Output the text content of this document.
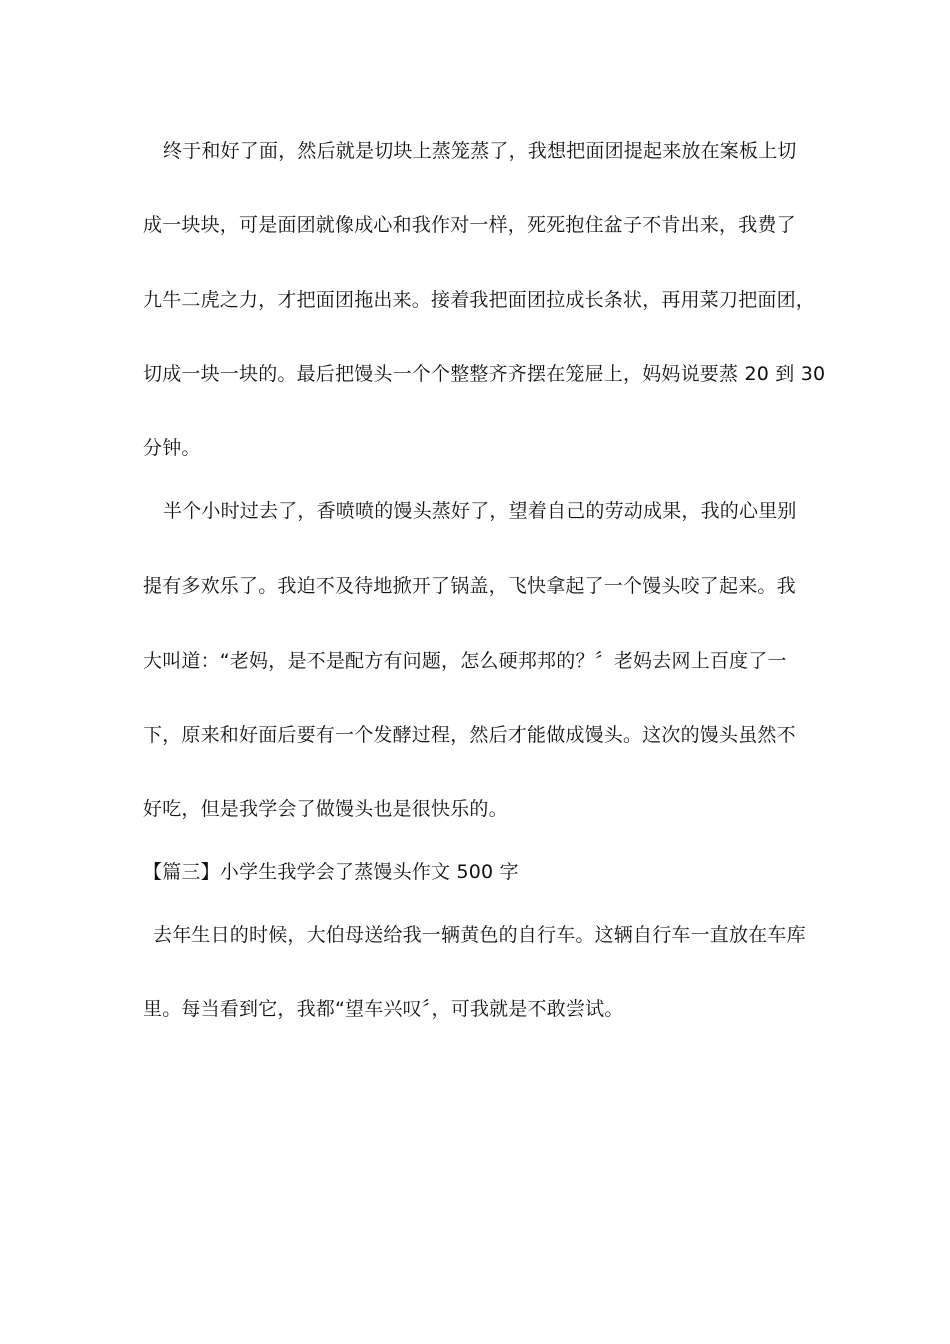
终于和好了面，然后就是切块上蒸笼蒸了，我想把面团提起来放在案板上切
成一块块，可是面团就像成心和我作对一样，死死抱住盆子不肯出来，我费了
九牛二虎之力，才把面团拖出来。接着我把面团拉成长条状，再用菜刀把面团，
切成一块一块的。最后把馒头一个个整整齐齐摆在笼屉上，妈妈说要蒸 20 到 30
分钟。
半个小时过去了，香喷喷的馒头蒸好了，望着自己的劳动成果，我的心里别
提有多欢乐了。我迫不及待地掀开了锅盖，飞快拿起了一个馒头咬了起来。我
大叫道：“老妈，是不是配方有问题，怎么硬邦邦的？〞老妈去网上百度了一
下，原来和好面后要有一个发酵过程，然后才能做成馒头。这次的馒头虽然不
好吃，但是我学会了做馒头也是很快乐的。
【篇三】小学生我学会了蒸馒头作文 500 字
去年生日的时候，大伯母送给我一辆黄色的自行车。这辆自行车一直放在车库
里。每当看到它，我都“望车兴叹〞，可我就是不敢尝试。
